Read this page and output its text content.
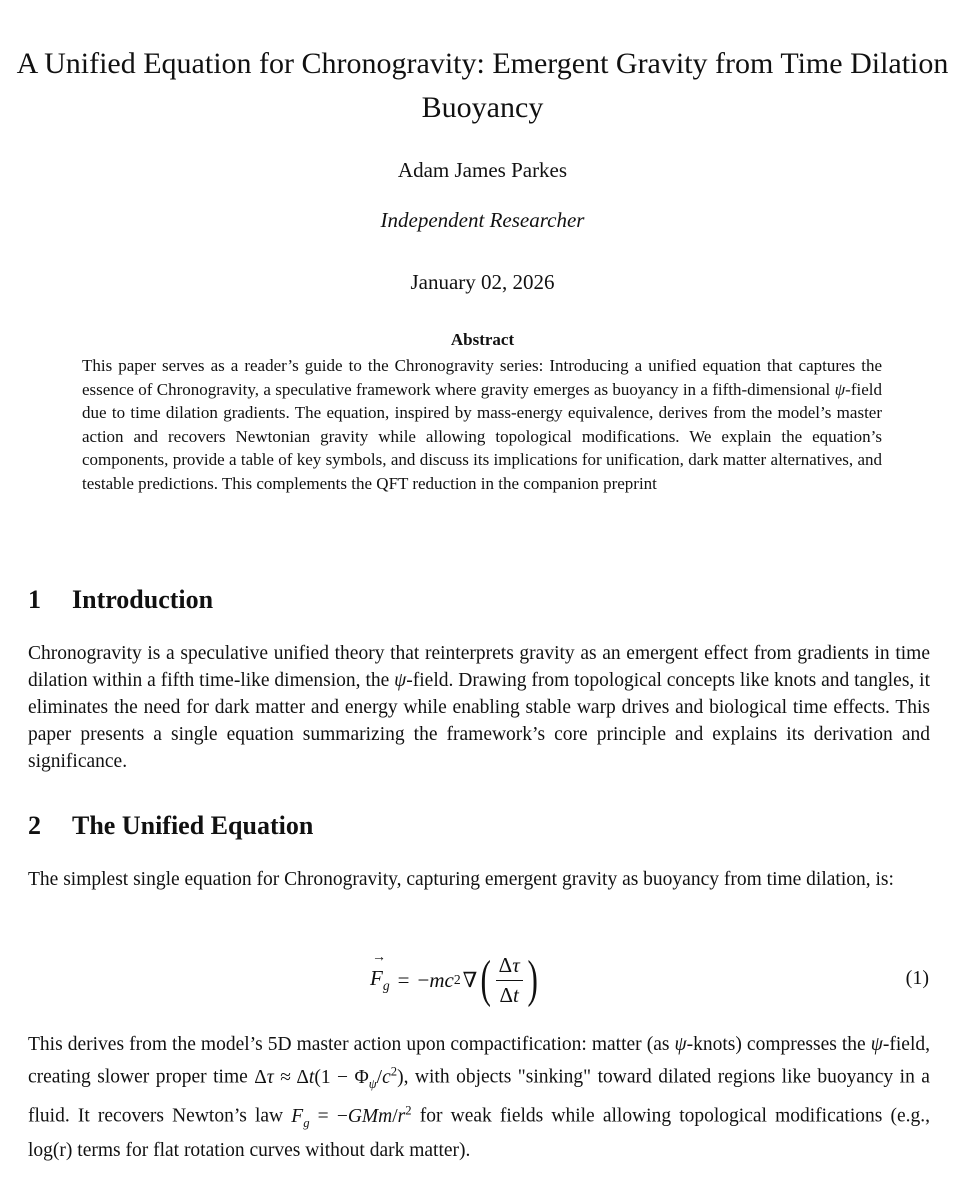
A Unified Equation for Chronogravity: Emergent Gravity from Time Dilation Buoyancy
Adam James Parkes
Independent Researcher
January 02, 2026
Abstract

This paper serves as a reader’s guide to the Chronogravity series: Introducing a unified equation that captures the essence of Chronogravity, a speculative framework where gravity emerges as buoyancy in a fifth-dimensional ψ-field due to time dilation gradients. The equation, inspired by mass-energy equivalence, derives from the model’s master action and recovers Newtonian gravity while allowing topological modifications. We explain the equation’s components, provide a table of key symbols, and discuss its implications for unification, dark matter alternatives, and testable predictions. This complements the QFT reduction in the companion preprint

1 Introduction

Chronogravity is a speculative unified theory that reinterprets gravity as an emergent effect from gradients in time dilation within a fifth time-like dimension, the ψ-field. Drawing from topological concepts like knots and tangles, it eliminates the need for dark matter and energy while enabling stable warp drives and biological time effects. This paper presents a single equation summarizing the framework’s core principle and explains its derivation and significance.

2 The Unified Equation

The simplest single equation for Chronogravity, capturing emergent gravity as buoyancy from time dilation, is:

→ $F_g$ = − mc 2 ∇ ( $\frac{\Delta\tau}{\Delta t}$ )	(1)

This derives from the model’s 5D master action upon compactification: matter (as ψ-knots) compresses the ψ-field, creating slower proper time $\Delta\tau \approx \Delta t(1 - \Phi_\psi/c^2)$, with objects "sinking" toward dilated regions like buoyancy in a fluid. It recovers Newton’s law $F_g = -GMm/r^2$ for weak fields while allowing topological modifications (e.g., log(r) terms for flat rotation curves without dark matter).
